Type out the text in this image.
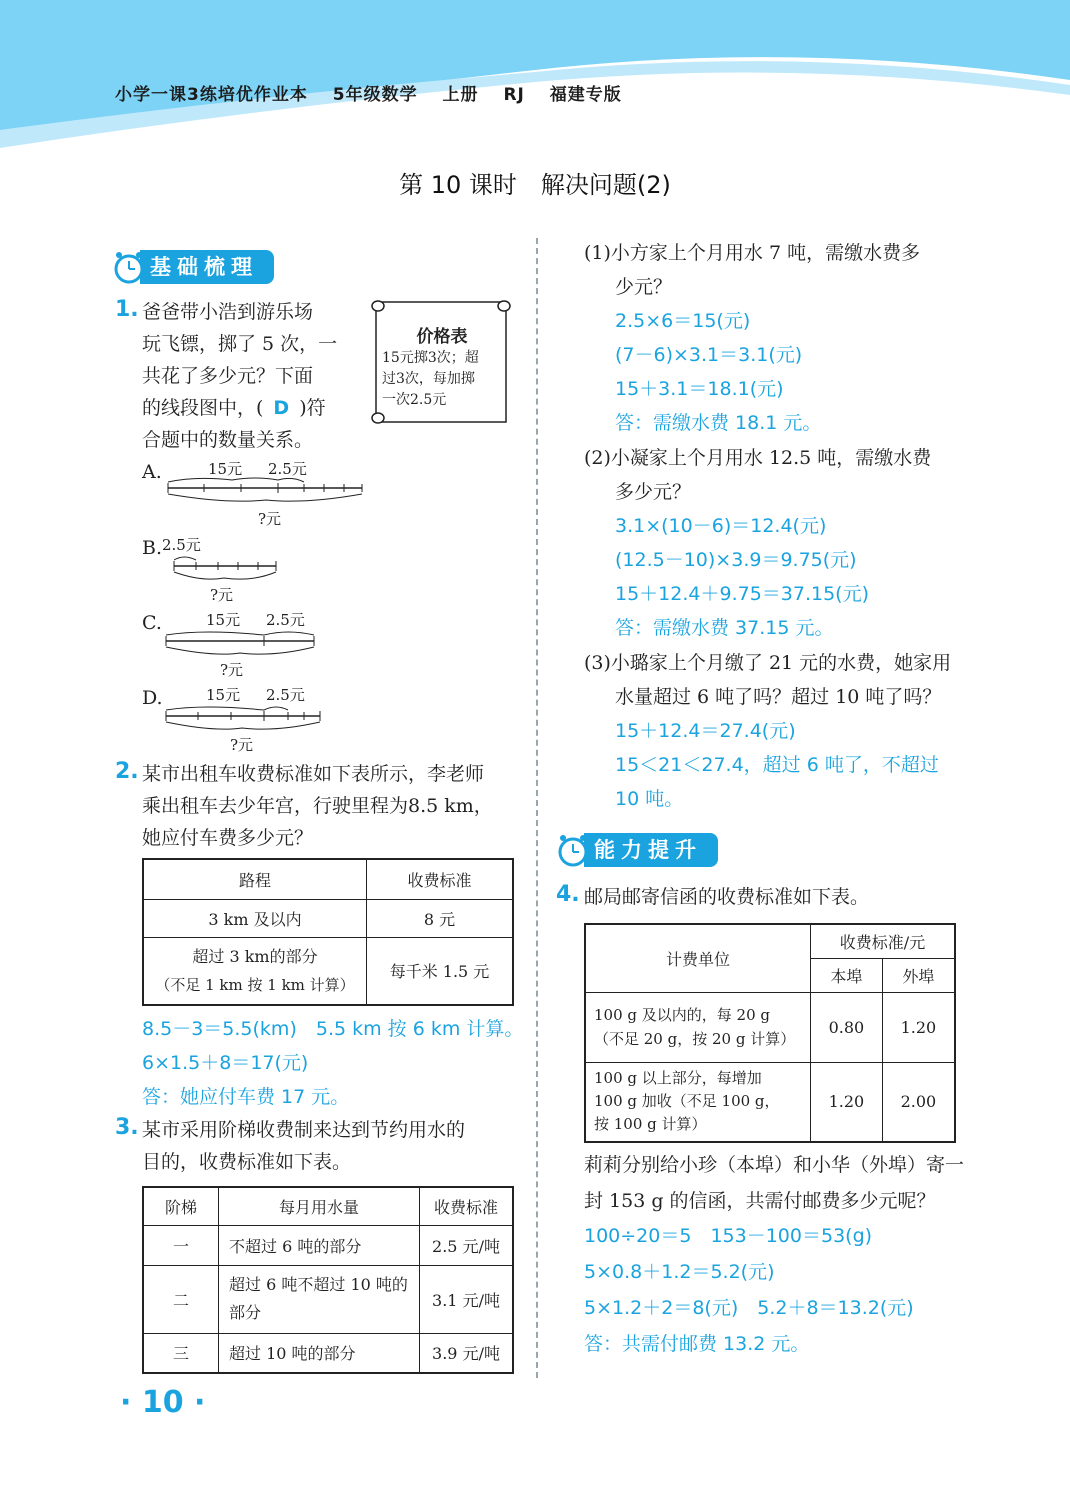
小学一课3练培优作业本 5年级数学 上册 RJ 福建专版
第 10 课时　解决问题(2)
基础梳理
1. 爸爸带小浩到游乐场
玩飞镖，掷了 5 次，一
共花了多少元？下面
的线段图中，( D )符
合题中的数量关系。
价格表
15元掷3次；超
过3次，每加掷
一次2.5元
A.	15元 2.5元
?元
B. 2.5元
?元
C.	15元 2.5元
?元
D.	15元 2.5元
?元
2. 某市出租车收费标准如下表所示，李老师
乘出租车去少年宫，行驶里程为8.5 km，
她应付车费多少元？
路程	收费标准
3 km 及以内	8 元

超过 3 km的部分
（不足 1 km 按 1 km 计算）	每千米 1.5 元
8.5－3＝5.5(km)　5.5 km 按 6 km 计算。
6×1.5＋8＝17(元)
答：她应付车费 17 元。
3. 某市采用阶梯收费制来达到节约用水的
目的，收费标准如下表。
阶梯	每月用水量	收费标准
一	不超过 6 吨的部分	2.5 元/吨
二	超过 6 吨不超过 10 吨的部分	3.1 元/吨
三	超过 10 吨的部分	3.9 元/吨
(1)小方家上个月用水 7 吨，需缴水费多
少元？
2.5×6＝15(元)
(7－6)×3.1＝3.1(元)
15＋3.1＝18.1(元)
答：需缴水费 18.1 元。
(2)小凝家上个月用水 12.5 吨，需缴水费
多少元？
3.1×(10－6)＝12.4(元)
(12.5－10)×3.9＝9.75(元)
15＋12.4＋9.75＝37.15(元)
答：需缴水费 37.15 元。
(3)小璐家上个月缴了 21 元的水费，她家用
水量超过 6 吨了吗？超过 10 吨了吗？
15＋12.4＝27.4(元)
15＜21＜27.4，超过 6 吨了，不超过
10 吨。
能力提升
4. 邮局邮寄信函的收费标准如下表。
计费单位	收费标准/元	
	本埠	外埠

100 g 及以内的，每 20 g
（不足 20 g，按 20 g 计算）	0.80	1.20

100 g 以上部分，每增加
100 g 加收（不足 100 g，
按 100 g 计算）	1.20	2.00
莉莉分别给小珍（本埠）和小华（外埠）寄一
封 153 g 的信函，共需付邮费多少元呢？
100÷20＝5　153－100＝53(g)
5×0.8＋1.2＝5.2(元)
5×1.2＋2＝8(元)　5.2＋8＝13.2(元)
答：共需付邮费 13.2 元。
· 10 ·
